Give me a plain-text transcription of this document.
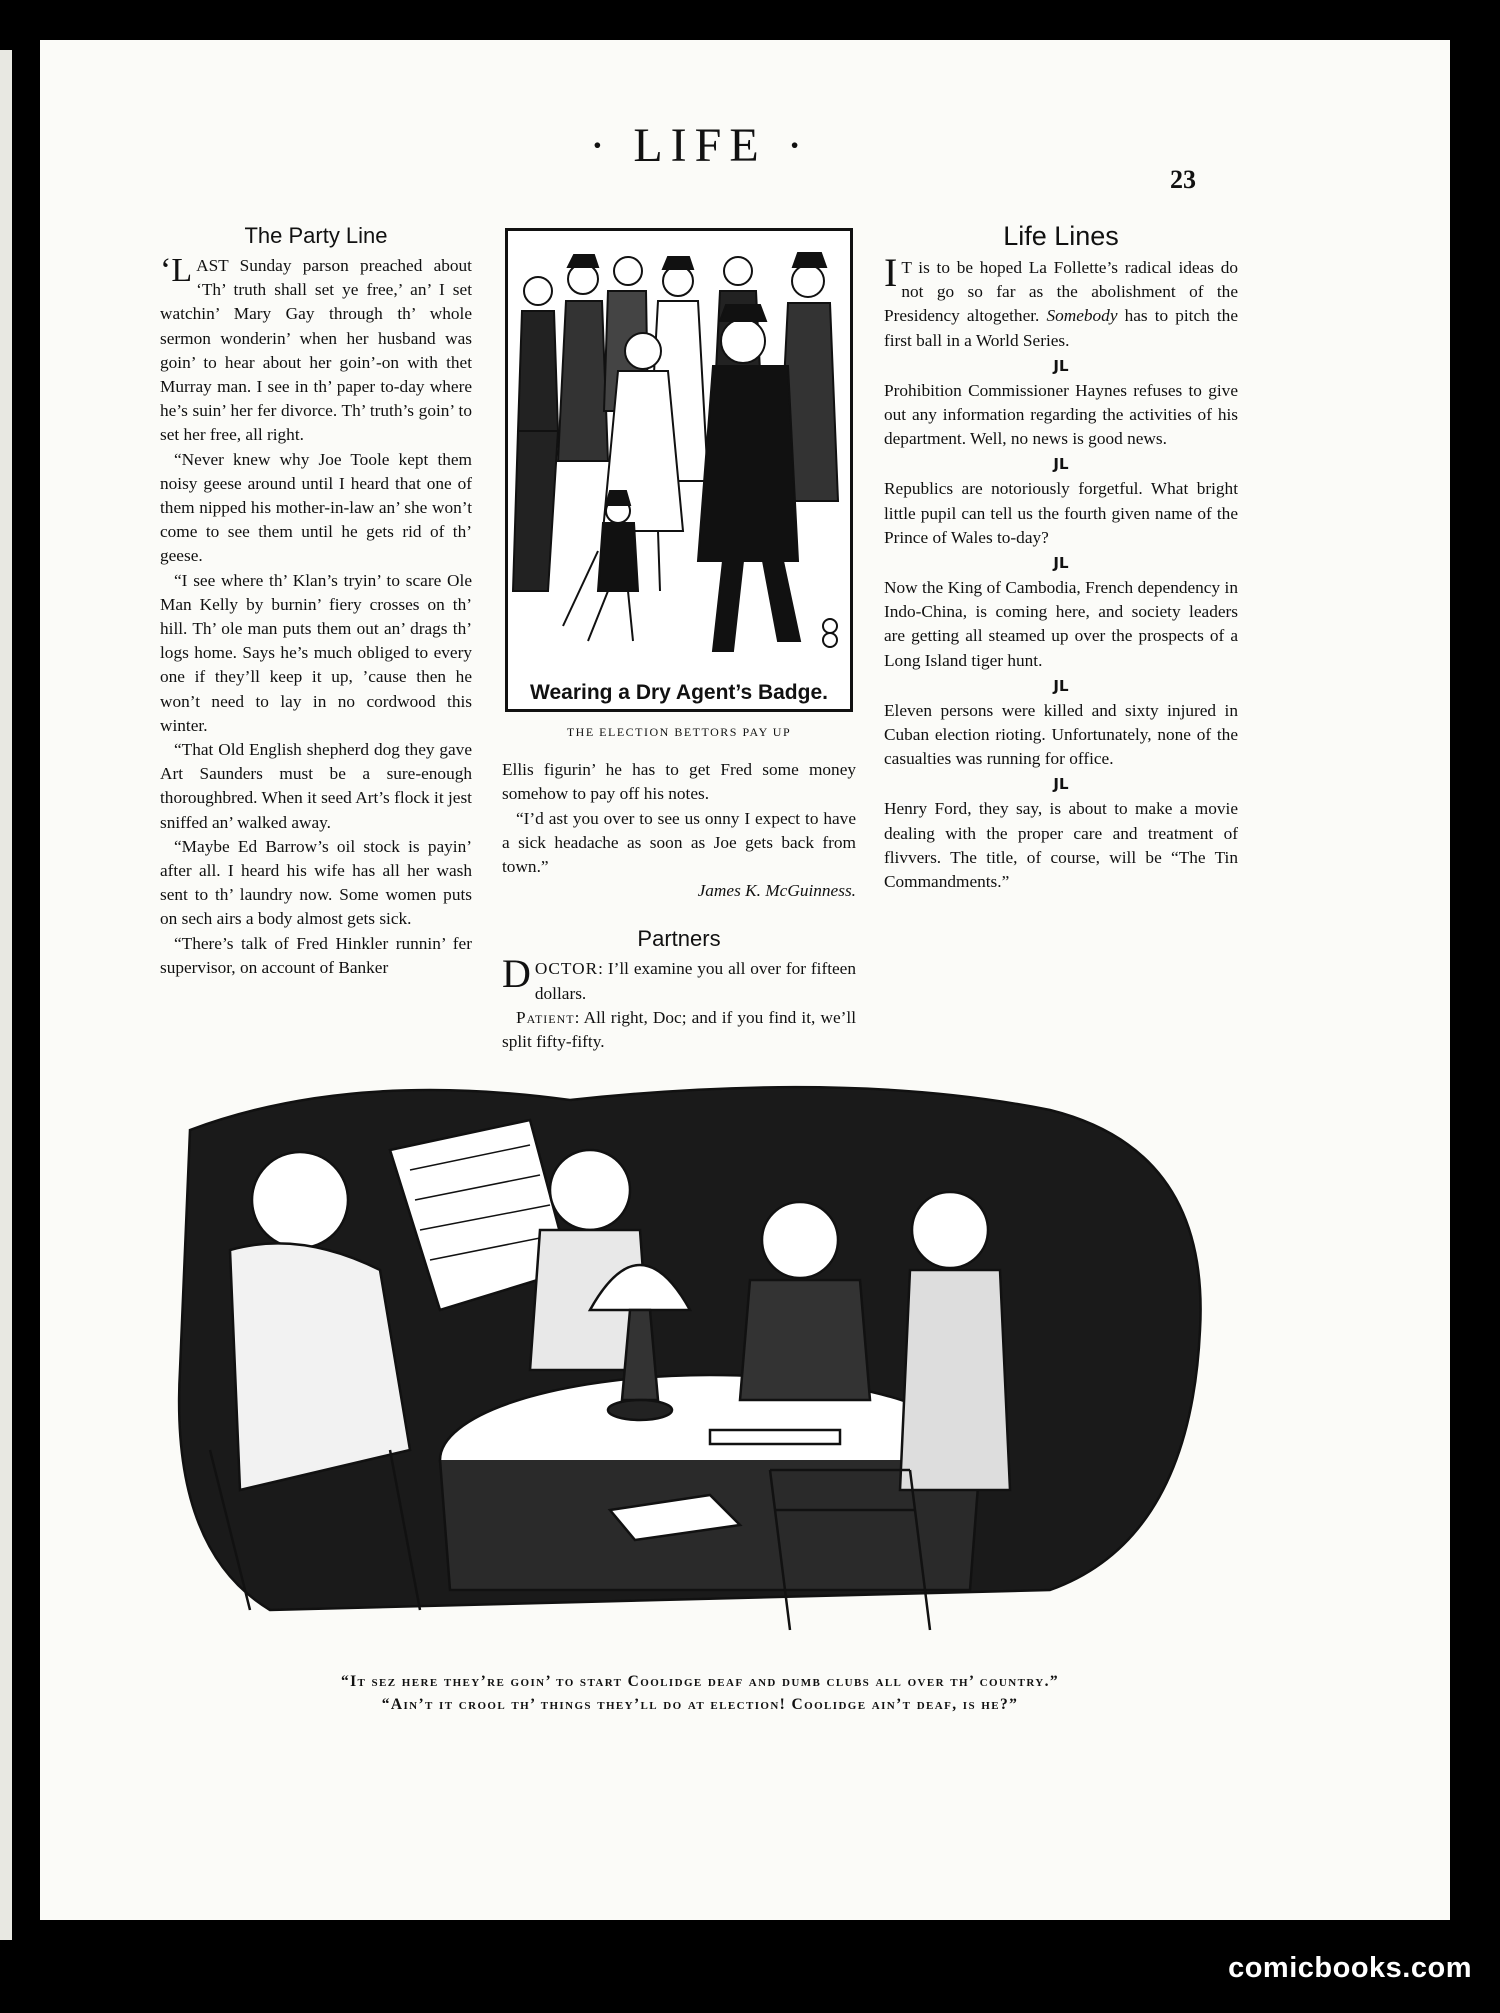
· LIFE ·
23
The Party Line

‘LAST Sunday parson preached about ‘Th’ truth shall set ye free,’ an’ I set watchin’ Mary Gay through th’ whole sermon wonderin’ when her husband was goin’ to hear about her goin’-on with thet Murray man. I see in th’ paper to-day where he’s suin’ her fer divorce. Th’ truth’s goin’ to set her free, all right.

“Never knew why Joe Toole kept them noisy geese around until I heard that one of them nipped his mother-in-law an’ she won’t come to see them until he gets rid of th’ geese.

“I see where th’ Klan’s tryin’ to scare Ole Man Kelly by burnin’ fiery crosses on th’ hill. Th’ ole man puts them out an’ drags th’ logs home. Says he’s much obliged to every one if they’ll keep it up, ’cause then he won’t need to lay in no cordwood this winter.

“That Old English shepherd dog they gave Art Saunders must be a sure-enough thoroughbred. When it seed Art’s flock it jest sniffed an’ walked away.

“Maybe Ed Barrow’s oil stock is payin’ after all. I heard his wife has all her wash sent to th’ laundry now. Some women puts on sech airs a body almost gets sick.

“There’s talk of Fred Hinkler runnin’ fer supervisor, on account of Banker

Wearing a Dry Agent’s Badge.
THE ELECTION BETTORS PAY UP

Ellis figurin’ he has to get Fred some money somehow to pay off his notes.

“I’d ast you over to see us onny I expect to have a sick headache as soon as Joe gets back from town.”

James K. McGuinness.

Partners

DOCTOR: I’ll examine you all over for fifteen dollars.

Patient: All right, Doc; and if you find it, we’ll split fifty-fifty.

Life Lines

I T is to be hoped La Follette’s radical ideas do not go so far as the abolishment of the Presidency altogether. Somebody has to pitch the first ball in a World Series.

JL

Prohibition Commissioner Haynes refuses to give out any information regarding the activities of his department. Well, no news is good news.

JL

Republics are notoriously forgetful. What bright little pupil can tell us the fourth given name of the Prince of Wales to-day?

JL

Now the King of Cambodia, French dependency in Indo-China, is coming here, and society leaders are getting all steamed up over the prospects of a Long Island tiger hunt.

JL

Eleven persons were killed and sixty injured in Cuban election rioting. Unfortunately, none of the casualties was running for office.

JL

Henry Ford, they say, is about to make a movie dealing with the proper care and treatment of flivvers. The title, of course, will be “The Tin Commandments.”

“It sez here they’re goin’ to start Coolidge deaf and dumb clubs all over th’ country.”
“Ain’t it crool th’ things they’ll do at election! Coolidge ain’t deaf, is he?”
comicbooks.com
